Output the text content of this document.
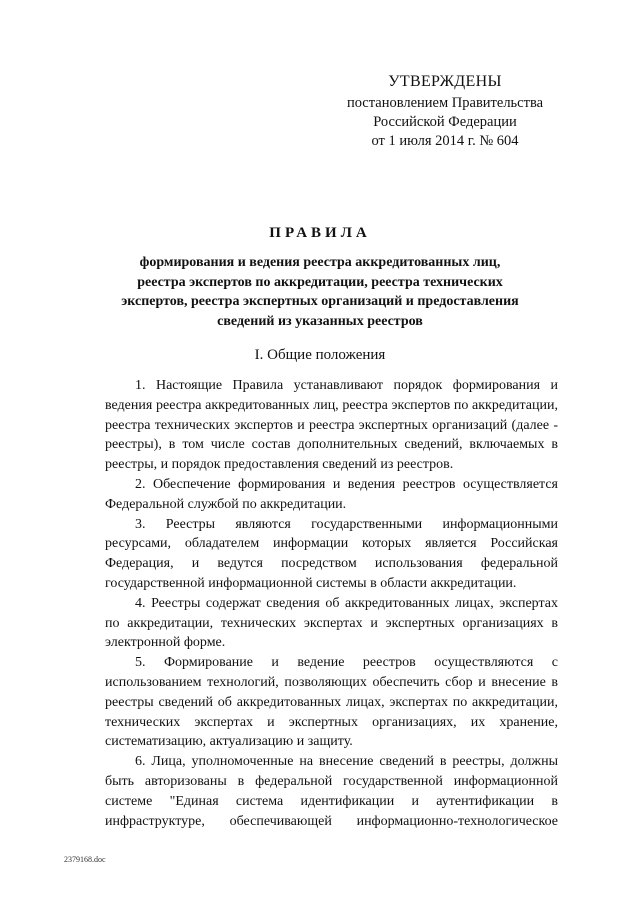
УТВЕРЖДЕНЫ
постановлением Правительства
Российской Федерации
от 1 июля 2014 г. № 604
ПРАВИЛА
формирования и ведения реестра аккредитованных лиц,
реестра экспертов по аккредитации, реестра технических
экспертов, реестра экспертных организаций и предоставления
сведений из указанных реестров
I. Общие положения
1. Настоящие Правила устанавливают порядок формирования и
ведения реестра аккредитованных лиц, реестра экспертов по аккредитации,
реестра технических экспертов и реестра экспертных организаций (далее -
реестры), в том числе состав дополнительных сведений, включаемых в
реестры, и порядок предоставления сведений из реестров.
2. Обеспечение формирования и ведения реестров осуществляется
Федеральной службой по аккредитации.
3. Реестры являются государственными информационными
ресурсами, обладателем информации которых является Российская
Федерация, и ведутся посредством использования федеральной
государственной информационной системы в области аккредитации.
4. Реестры содержат сведения об аккредитованных лицах, экспертах
по аккредитации, технических экспертах и экспертных организациях в
электронной форме.
5. Формирование и ведение реестров осуществляются с
использованием технологий, позволяющих обеспечить сбор и внесение в
реестры сведений об аккредитованных лицах, экспертах по аккредитации,
технических экспертах и экспертных организациях, их хранение,
систематизацию, актуализацию и защиту.
6. Лица, уполномоченные на внесение сведений в реестры, должны
быть авторизованы в федеральной государственной информационной
системе "Единая система идентификации и аутентификации в
инфраструктуре, обеспечивающей информационно-технологическое
2379168.doc
